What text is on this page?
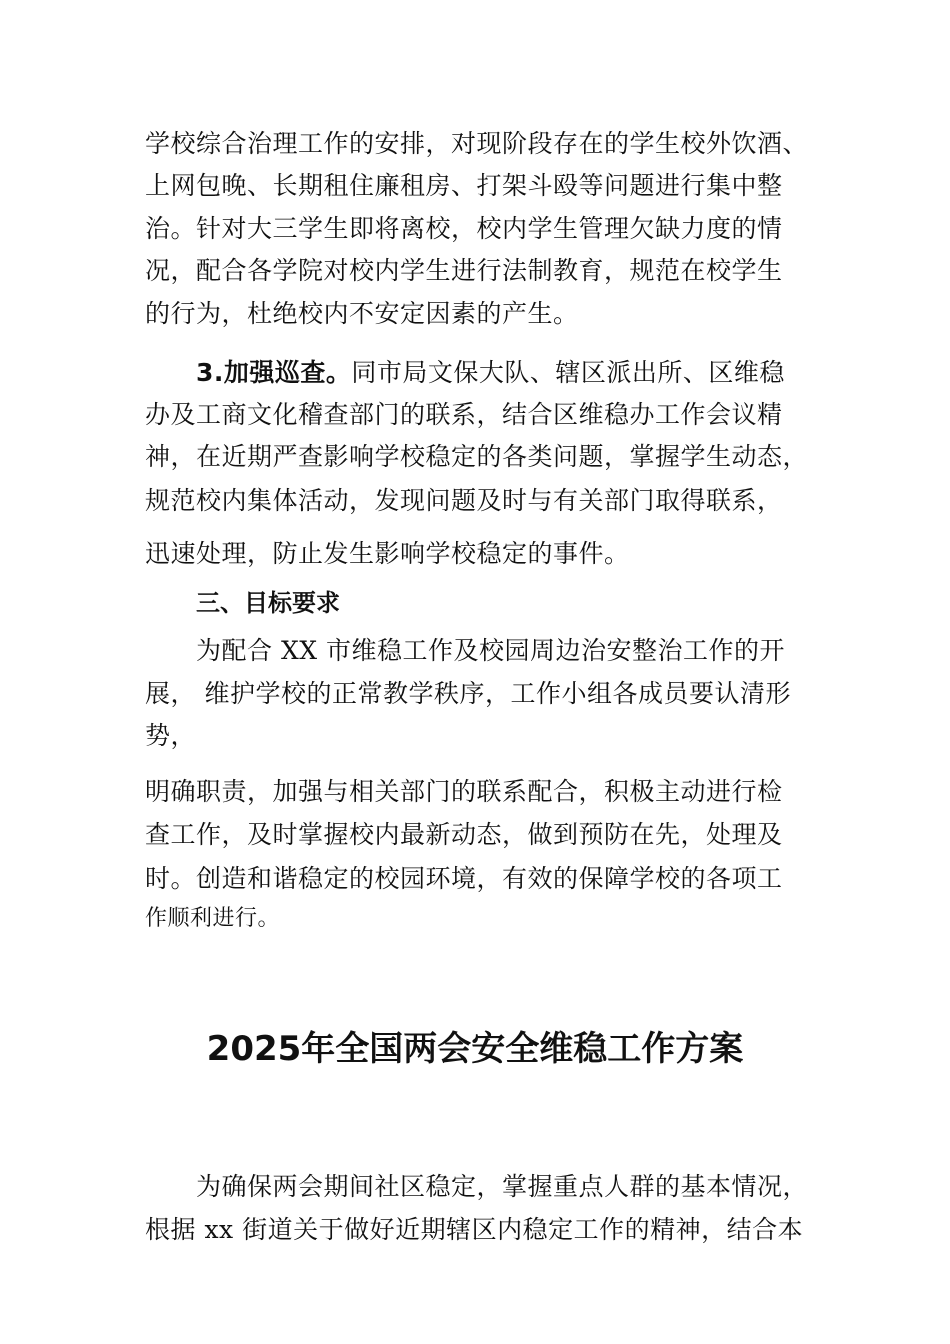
学校综合治理工作的安排，对现阶段存在的学生校外饮酒、
上网包晚、长期租住廉租房、打架斗殴等问题进行集中整
治。针对大三学生即将离校，校内学生管理欠缺力度的情
况，配合各学院对校内学生进行法制教育，规范在校学生
的行为，杜绝校内不安定因素的产生。
3.加强巡查。同市局文保大队、辖区派出所、区维稳
办及工商文化稽查部门的联系，结合区维稳办工作会议精
神，在近期严查影响学校稳定的各类问题，掌握学生动态，
规范校内集体活动，发现问题及时与有关部门取得联系，
迅速处理，防止发生影响学校稳定的事件。
三、目标要求
为配合 XX 市维稳工作及校园周边治安整治工作的开
展， 维护学校的正常教学秩序，工作小组各成员要认清形
势，
明确职责，加强与相关部门的联系配合，积极主动进行检
查工作，及时掌握校内最新动态，做到预防在先，处理及
时。创造和谐稳定的校园环境，有效的保障学校的各项工
作顺利进行。
2025年全国两会安全维稳工作方案
为确保两会期间社区稳定，掌握重点人群的基本情况，
根据 xx 街道关于做好近期辖区内稳定工作的精神，结合本
